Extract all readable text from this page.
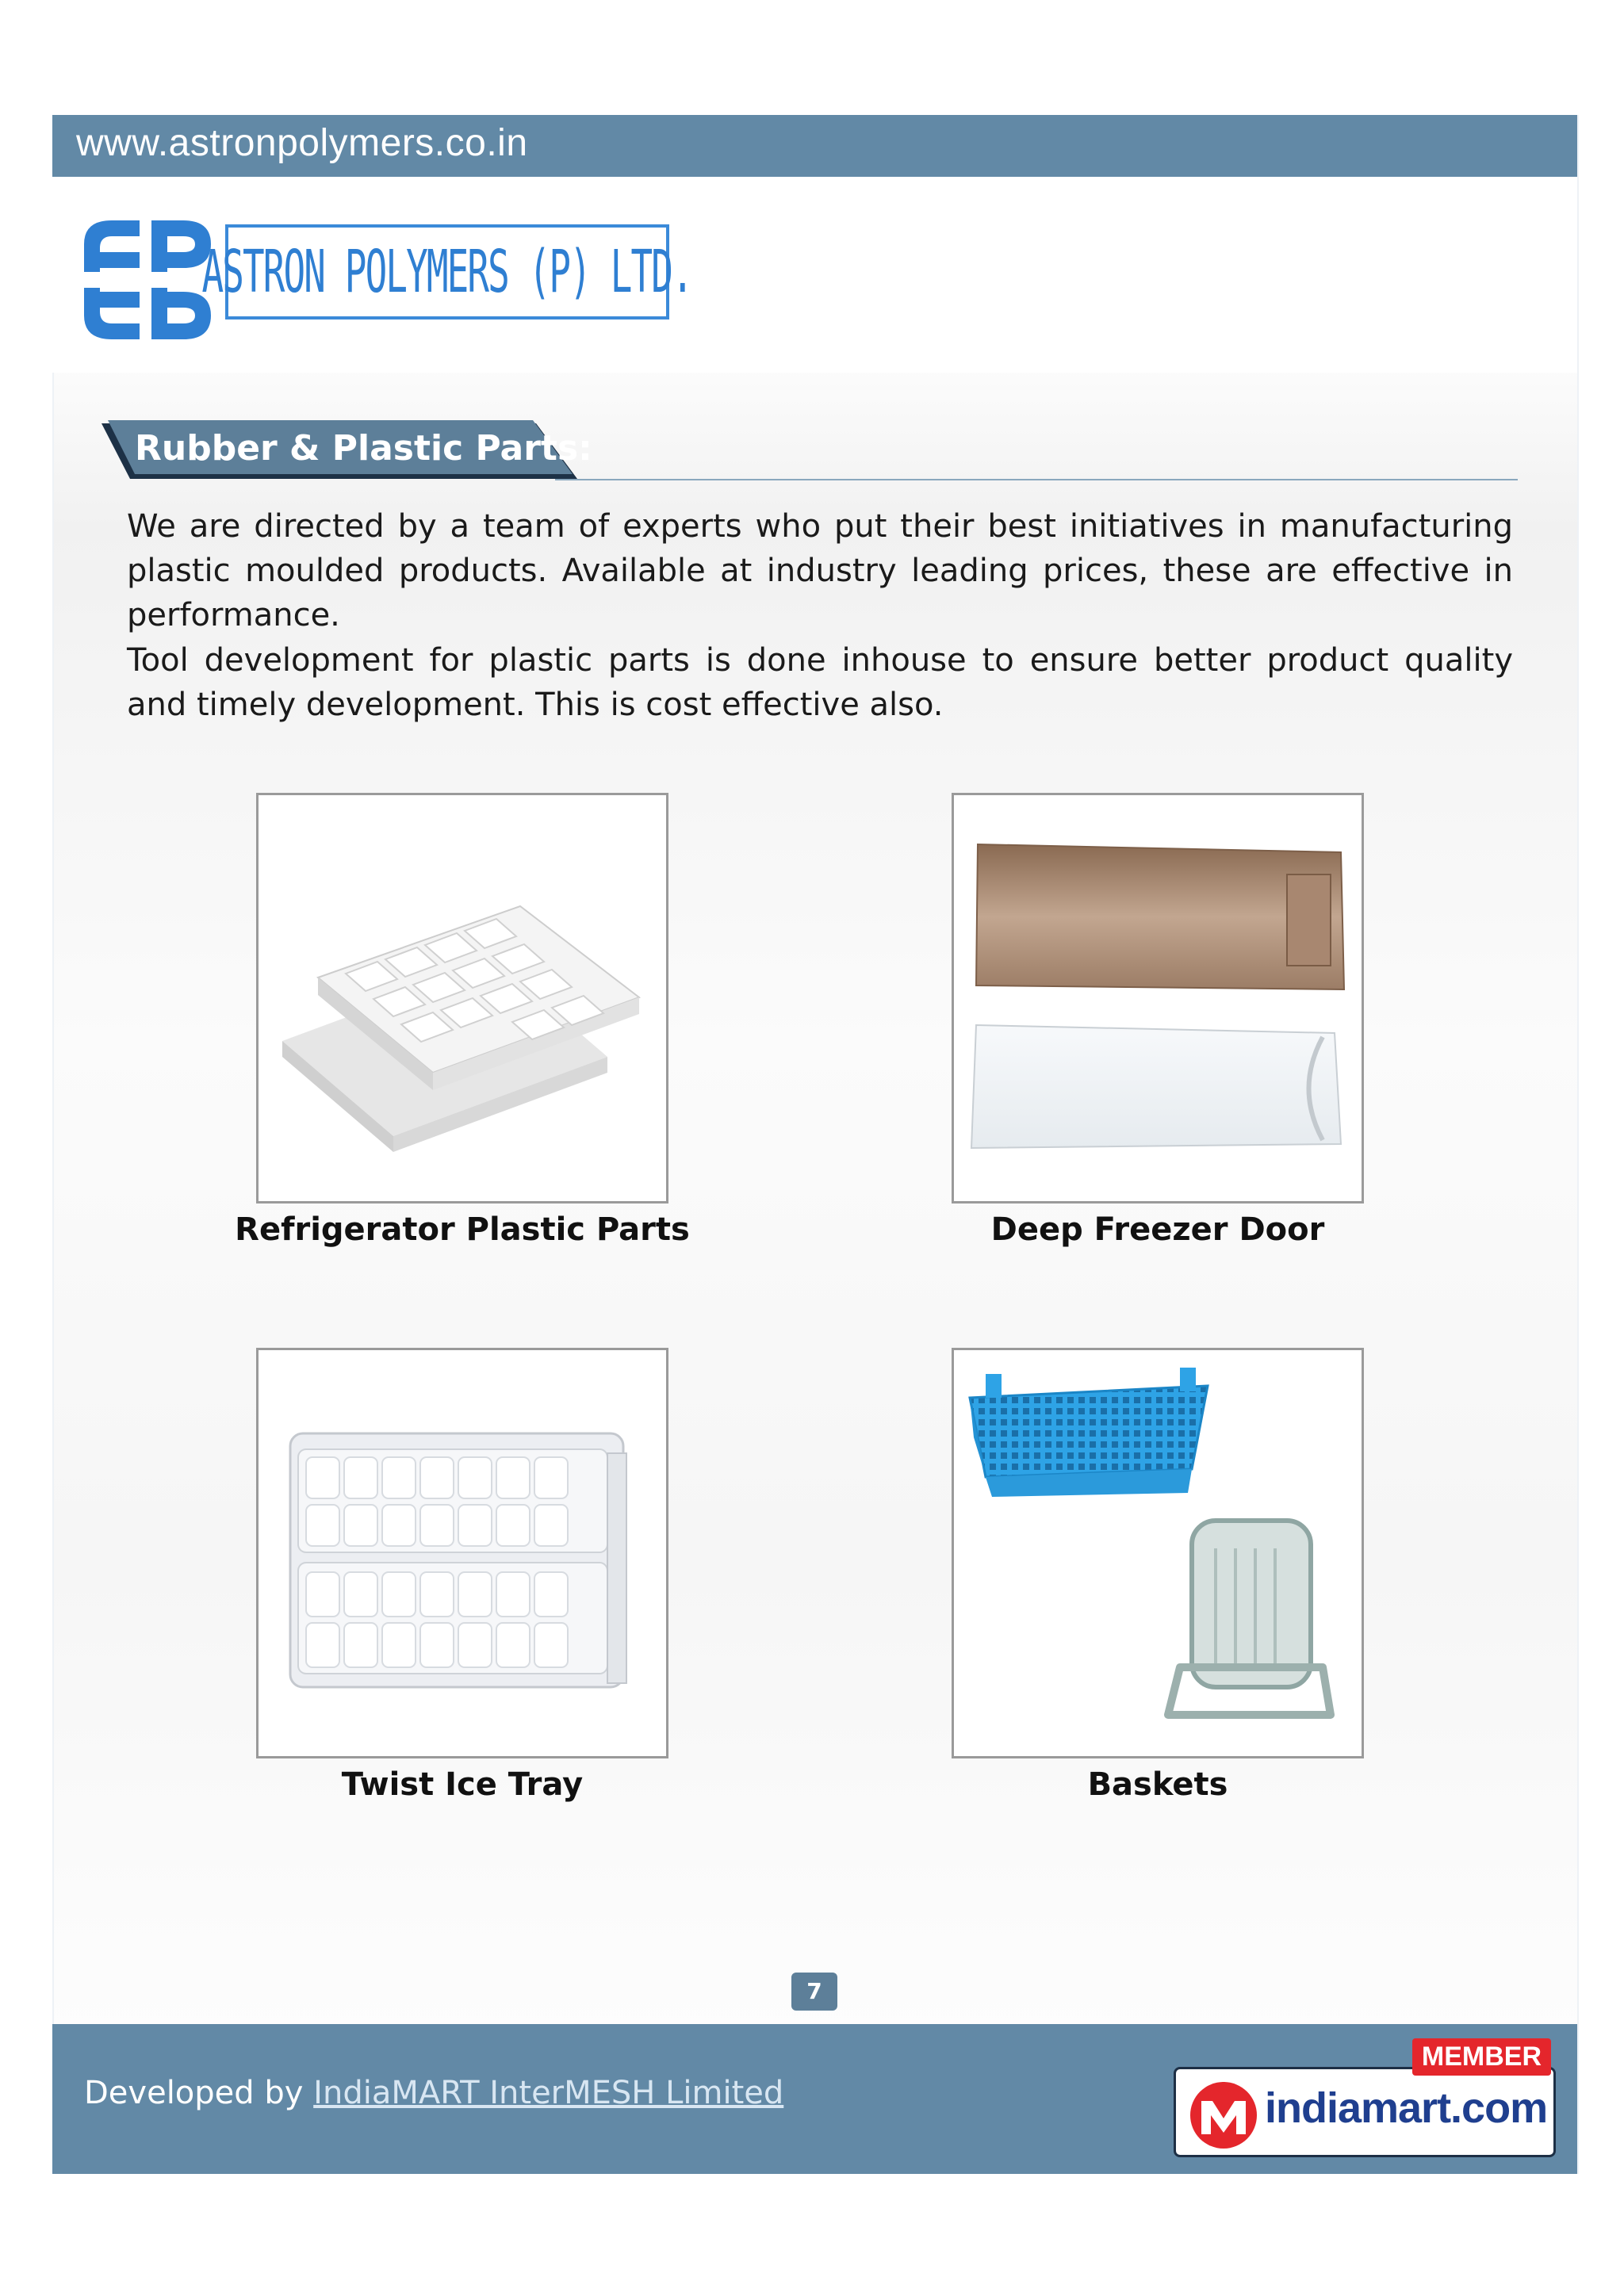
www.astronpolymers.co.in
ASTRON POLYMERS (P) LTD.
Rubber & Plastic Parts:

We are directed by a team of experts who put their best initiatives in manufacturing plastic moulded products. Available at industry leading prices, these are effective in performance.

Tool development for plastic parts is done inhouse to ensure better product quality and timely development. This is cost effective also.

Refrigerator Plastic Parts	Deep Freezer Door
Twist Ice Tray	Baskets
7
Developed by IndiaMART InterMESH Limited
MEMBER
indiamart.com
